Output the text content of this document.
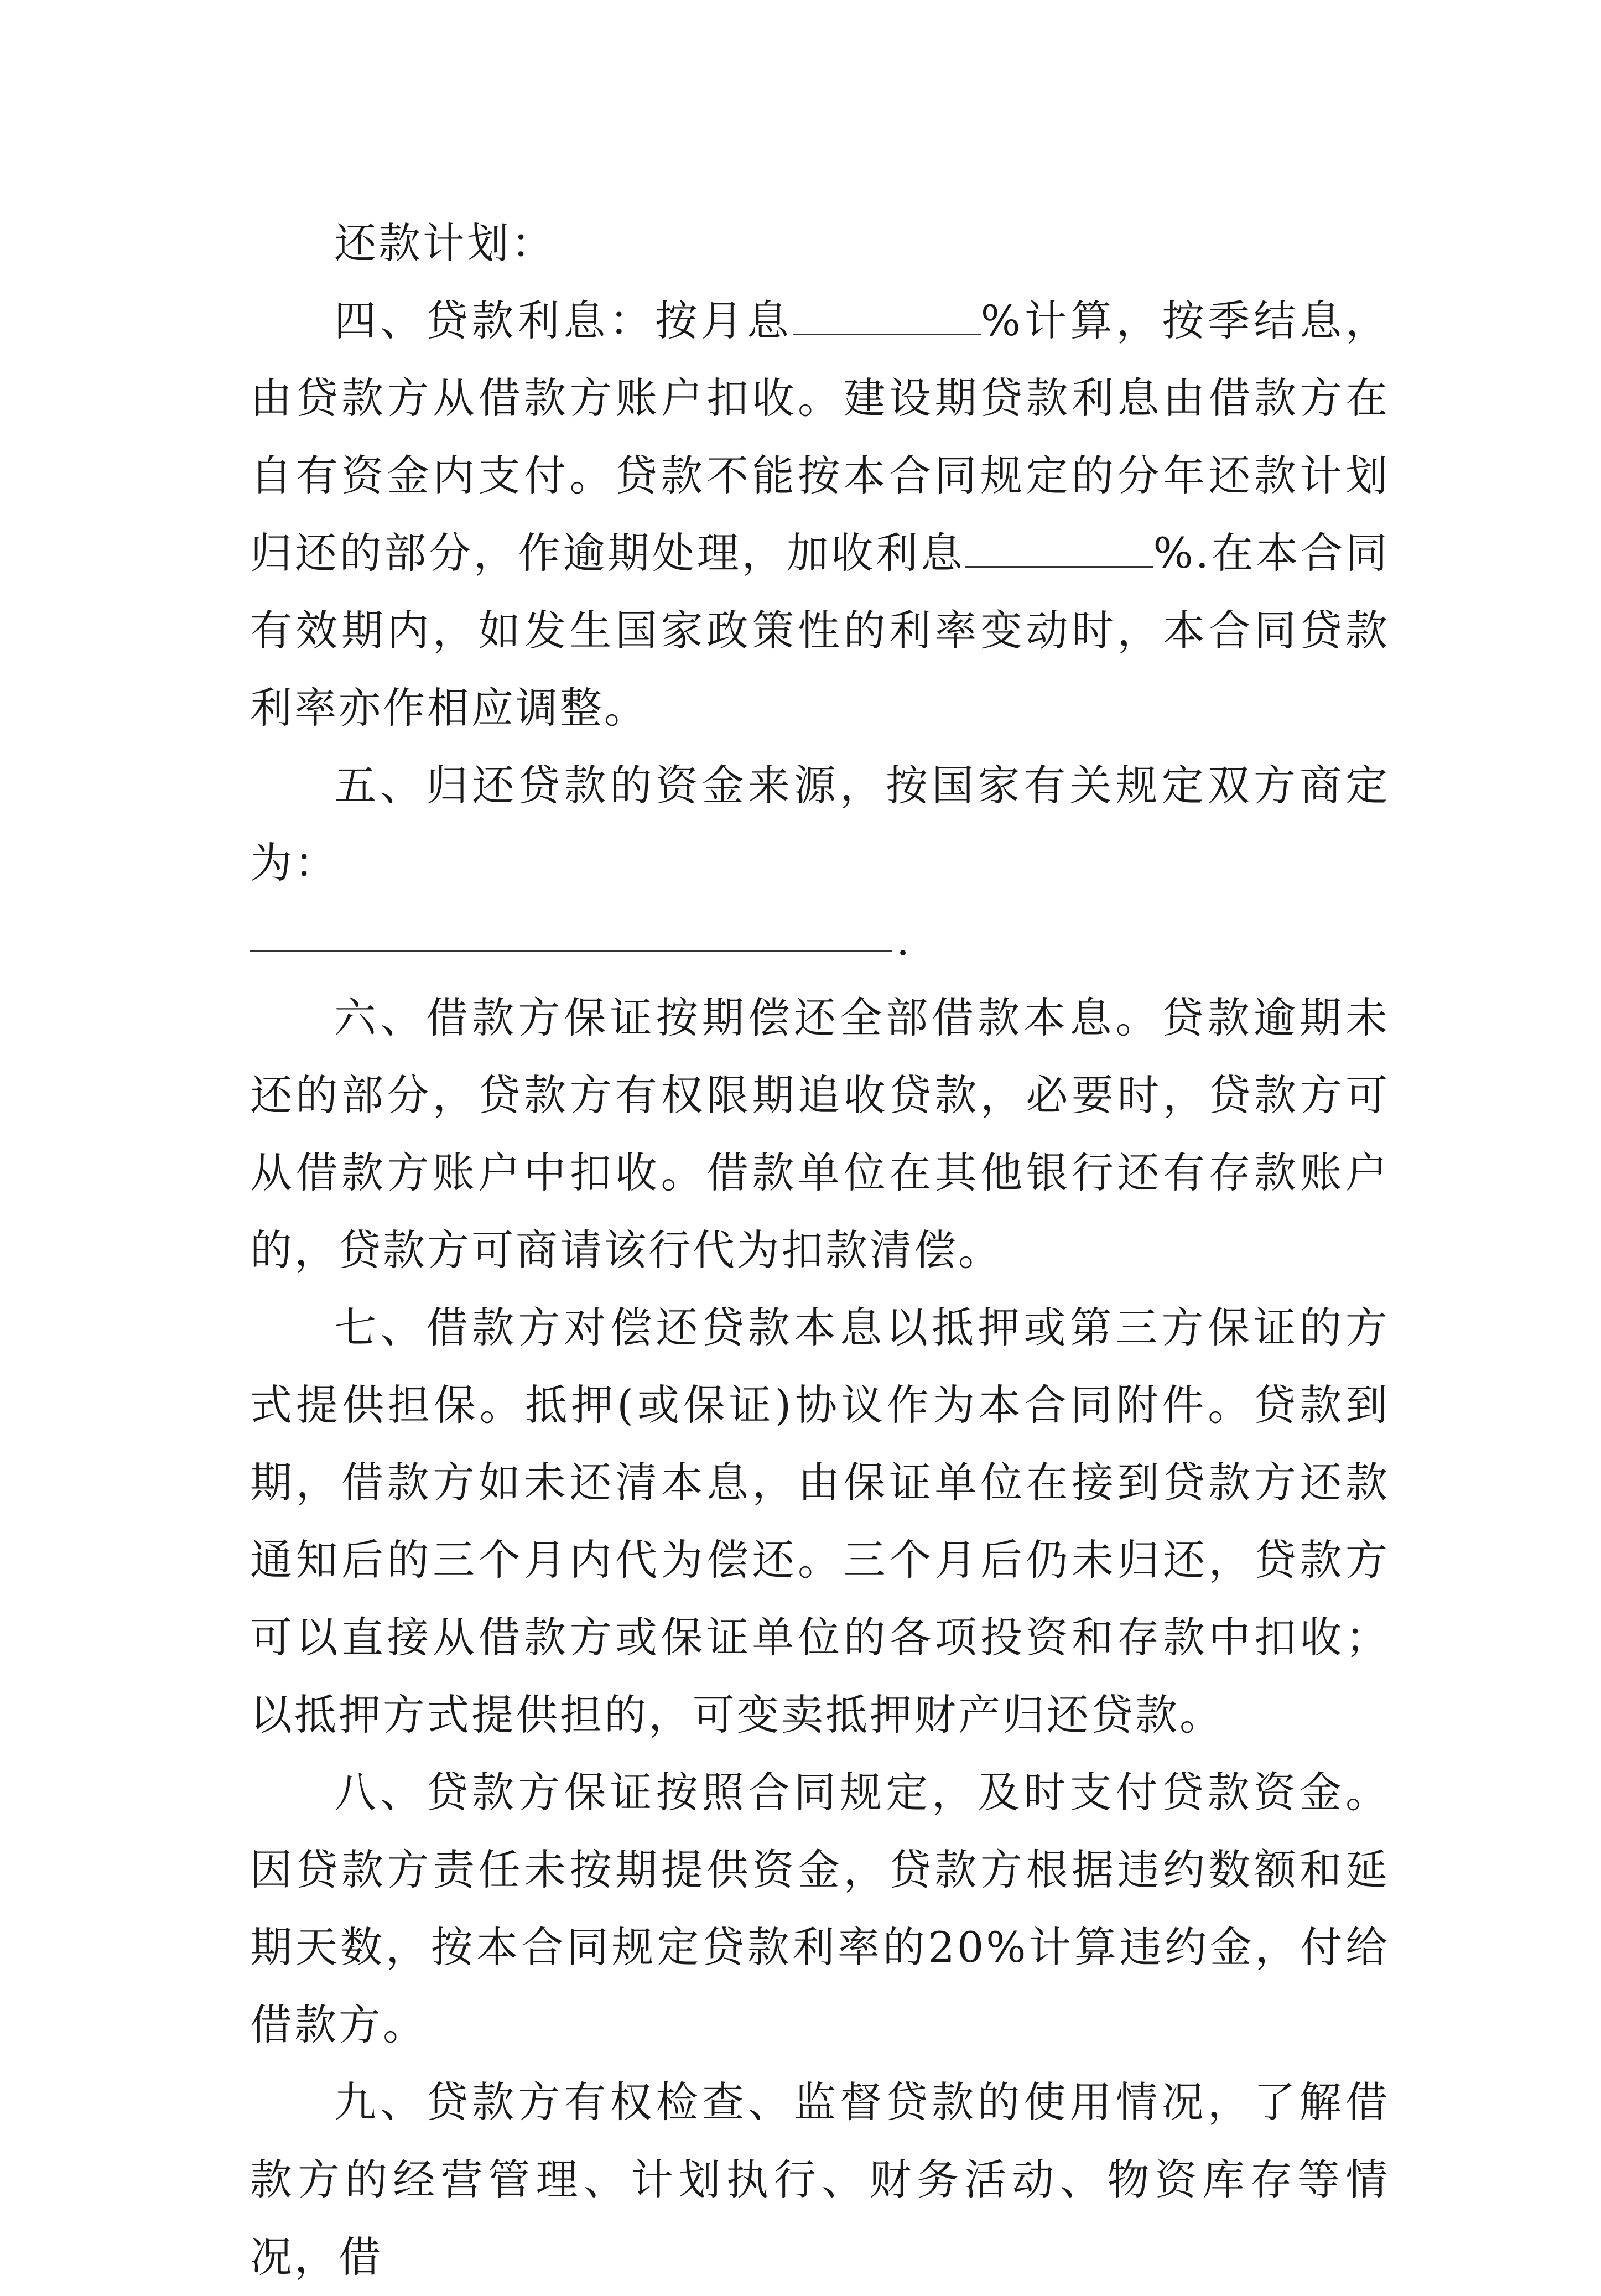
还款计划：

四、贷款利息：按月息	%计算，按季结息，由贷款方从借款方账户扣收。建设期贷款利息由借款方在自有资金内支付。贷款不能按本合同规定的分年还款计划归还的部分，作逾期处理，加收利息	%.在本合同有效期内，如发生国家政策性的利率变动时，本合同贷款利率亦作相应调整。

五、归还贷款的资金来源，按国家有关规定双方商定为：

.

六、借款方保证按期偿还全部借款本息。贷款逾期未还的部分，贷款方有权限期追收贷款，必要时，贷款方可从借款方账户中扣收。借款单位在其他银行还有存款账户的，贷款方可商请该行代为扣款清偿。

七、借款方对偿还贷款本息以抵押或第三方保证的方式提供担保。抵押(或保证)协议作为本合同附件。贷款到期，借款方如未还清本息，由保证单位在接到贷款方还款通知后的三个月内代为偿还。三个月后仍未归还，贷款方可以直接从借款方或保证单位的各项投资和存款中扣收；以抵押方式提供担的，可变卖抵押财产归还贷款。

八、贷款方保证按照合同规定，及时支付贷款资金。因贷款方责任未按期提供资金，贷款方根据违约数额和延期天数，按本合同规定贷款利率的20%计算违约金，付给借款方。

九、贷款方有权检查、监督贷款的使用情况，了解借款方的经营管理、计划执行、财务活动、物资库存等情况，借
